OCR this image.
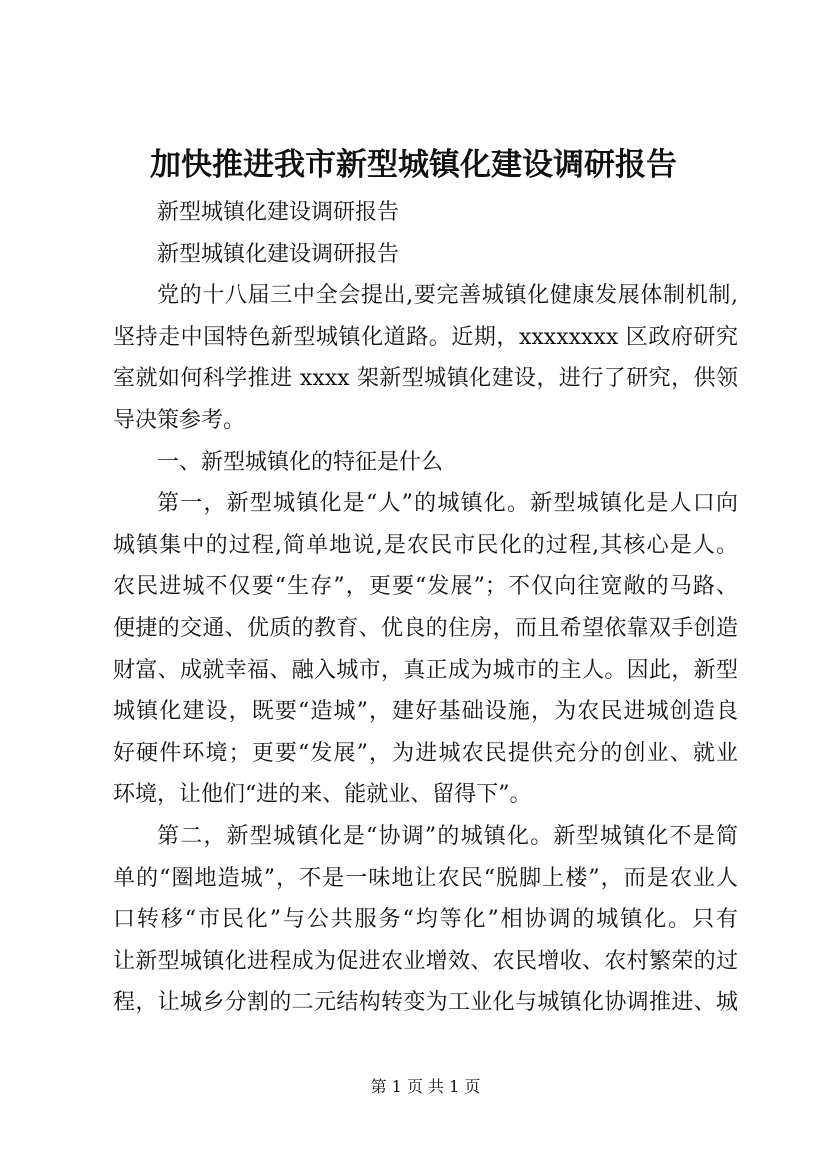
加快推进我市新型城镇化建设调研报告
新型城镇化建设调研报告
新型城镇化建设调研报告
党的十八届三中全会提出,要完善城镇化健康发展体制机制,
坚持走中国特色新型城镇化道路。近期，xxxxxxxx 区政府研究
室就如何科学推进 xxxx 架新型城镇化建设，进行了研究，供领
导决策参考。
一、新型城镇化的特征是什么
第一，新型城镇化是“人”的城镇化。新型城镇化是人口向
城镇集中的过程,简单地说,是农民市民化的过程,其核心是人。
农民进城不仅要“生存”，更要“发展”；不仅向往宽敞的马路、
便捷的交通、优质的教育、优良的住房，而且希望依靠双手创造
财富、成就幸福、融入城市，真正成为城市的主人。因此，新型
城镇化建设，既要“造城”，建好基础设施，为农民进城创造良
好硬件环境；更要“发展”，为进城农民提供充分的创业、就业
环境，让他们“进的来、能就业、留得下”。
第二，新型城镇化是“协调”的城镇化。新型城镇化不是简
单的“圈地造城”，不是一味地让农民“脱脚上楼”，而是农业人
口转移“市民化”与公共服务“均等化”相协调的城镇化。只有
让新型城镇化进程成为促进农业增效、农民增收、农村繁荣的过
程，让城乡分割的二元结构转变为工业化与城镇化协调推进、城
第 1 页 共 1 页
